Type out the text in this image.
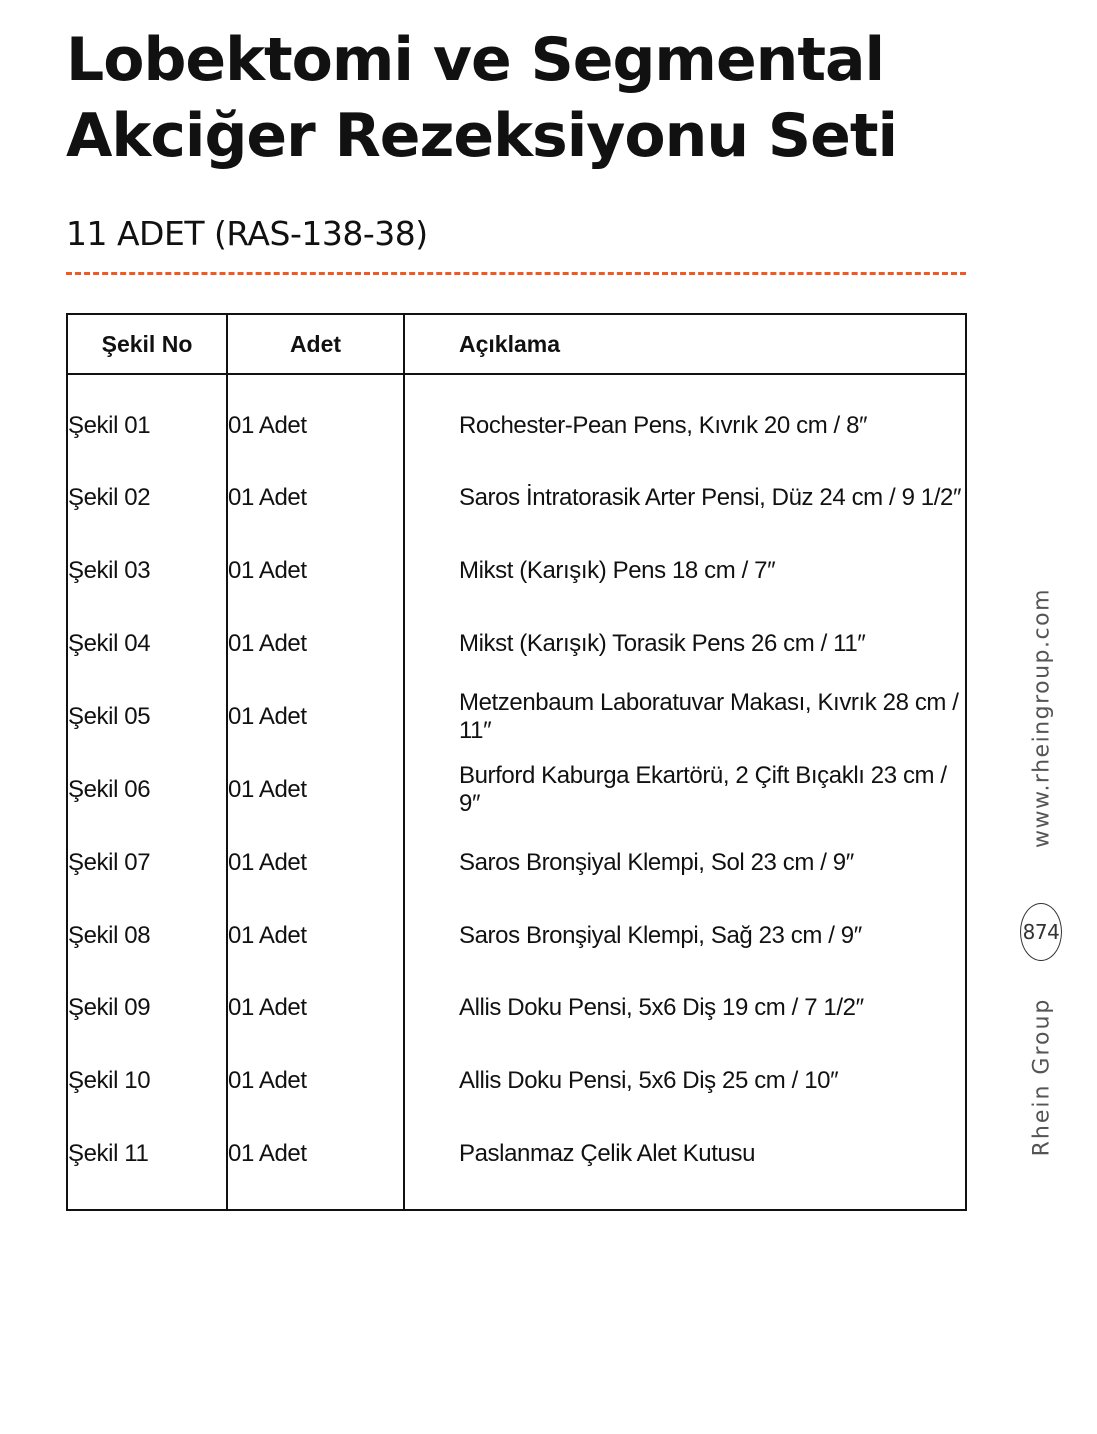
Lobektomi ve Segmental
Akciğer Rezeksiyonu Seti
11 ADET (RAS-138-38)
Şekil No	Adet	Açıklama
Şekil 01	01 Adet	Rochester-Pean Pens, Kıvrık 20 cm / 8″
Şekil 02	01 Adet	Saros İntratorasik Arter Pensi, Düz 24 cm / 9 1/2″
Şekil 03	01 Adet	Mikst (Karışık) Pens 18 cm / 7″
Şekil 04	01 Adet	Mikst (Karışık) Torasik Pens 26 cm / 11″
Şekil 05	01 Adet	Metzenbaum Laboratuvar Makası, Kıvrık 28 cm / 11″
Şekil 06	01 Adet	Burford Kaburga Ekartörü, 2 Çift Bıçaklı 23 cm / 9″
Şekil 07	01 Adet	Saros Bronşiyal Klempi, Sol 23 cm / 9″
Şekil 08	01 Adet	Saros Bronşiyal Klempi, Sağ 23 cm / 9″
Şekil 09	01 Adet	Allis Doku Pensi, 5x6 Diş 19 cm / 7 1/2″
Şekil 10	01 Adet	Allis Doku Pensi, 5x6 Diş 25 cm / 10″
Şekil 11	01 Adet	Paslanmaz Çelik Alet Kutusu
www.rheingroup.com
874
Rhein Group
